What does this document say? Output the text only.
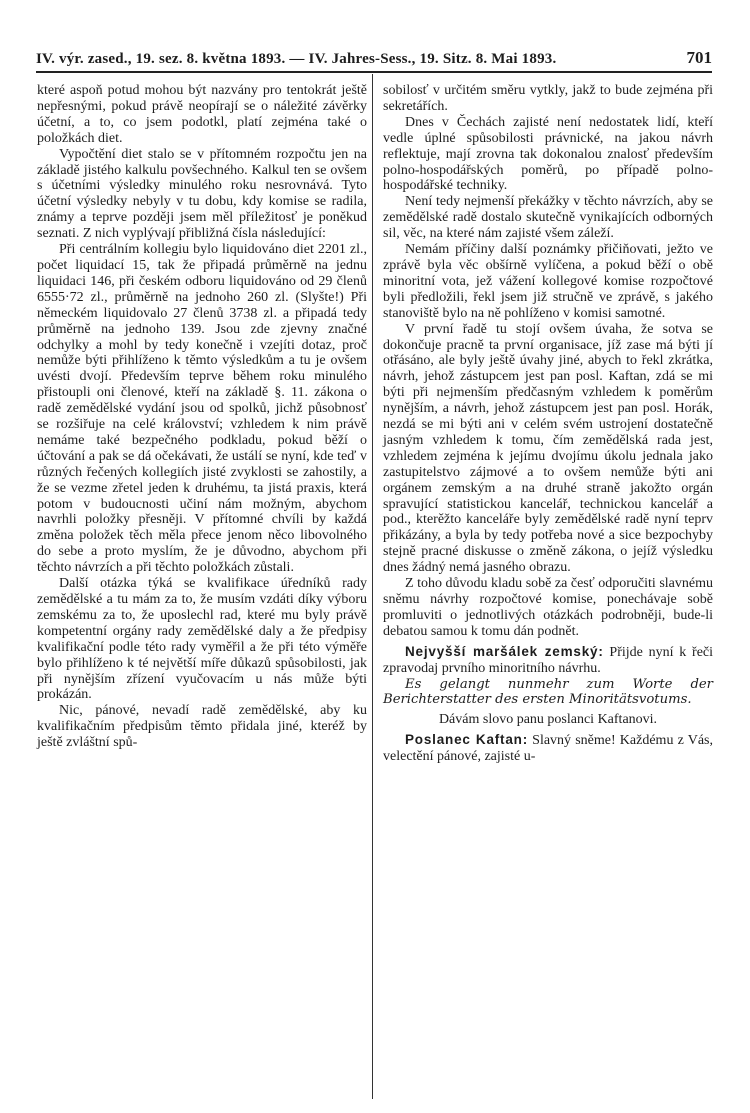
IV. výr. zased., 19. sez. 8. května 1893. — IV. Jahres-Sess., 19. Sitz. 8. Mai 1893.	701

které aspoň potud mohou být nazvány pro tentokrát ještě nepřesnými, pokud právě neopírají se o náležité závěrky účetní, a to, co jsem podotkl, platí zejména také o položkách diet.

Vypočtění diet stalo se v přítomném rozpočtu jen na základě jistého kalkulu povšechného. Kalkul ten se ovšem s účetními výsledky minulého roku nesrovnává. Tyto účetní výsledky nebyly v tu dobu, kdy komise se radila, známy a teprve později jsem měl příležitosť je poněkud seznati. Z nich vyplývají přibližná čísla následující:

Při centrálním kollegiu bylo liquidováno diet 2201 zl., počet liquidací 15, tak že připadá průměrně na jednu liquidaci 146, při českém odboru liquidováno od 29 členů 6555·72 zl., průměrně na jednoho 260 zl. (Slyšte!) Při německém liquidovalo 27 členů 3738 zl. a připadá tedy průměrně na jednoho 139. Jsou zde zjevny značné odchylky a mohl by tedy konečně i vzejíti dotaz, proč nemůže býti přihlíženo k těmto výsledkům a tu je ovšem uvésti dvojí. Především teprve během roku minulého přistoupli oni členové, kteří na základě §. 11. zákona o radě zemědělské vydání jsou od spolků, jichž působnosť se rozšiřuje na celé království; vzhledem k nim právě nemáme také bezpečného podkladu, pokud běží o účtování a pak se dá očekávati, že ustálí se nyní, kde teď v různých řečených kollegiích jisté zvyklosti se zahostily, a že se vezme zřetel jeden k druhému, ta jistá praxis, která potom v budoucnosti učiní nám možným, abychom navrhli položky přesněji. V přítomné chvíli by každá změna položek těch měla přece jenom něco libovolného do sebe a proto myslím, že je důvodno, abychom při těchto návrzích a při těchto položkách zůstali.

Další otázka týká se kvalifikace úředníků rady zemědělské a tu mám za to, že musím vzdáti díky výboru zemskému za to, že uposlechl rad, které mu byly právě kompetentní orgány rady zemědělské daly a že předpisy kvalifikační podle této rady vyměřil a že při této výměře bylo přihlíženo k té největší míře důkazů spůsobilosti, jak při nynějším zřízení vyučovacím u nás může býti prokázán.

Nic, pánové, nevadí radě zemědělské, aby ku kvalifikačním předpisům těmto přidala jiné, kteréž by ještě zvláštní spů-

sobilosť v určitém směru vytkly, jakž to bude zejména při sekretářích.

Dnes v Čechách zajisté není nedostatek lidí, kteří vedle úplné spůsobilosti právnické, na jakou návrh reflektuje, mají zrovna tak dokonalou znalosť především polno-hospodářských poměrů, po případě polno-hospodářské techniky.

Není tedy nejmenší překážky v těchto návrzích, aby se zemědělské radě dostalo skutečně vynikajících odborných sil, věc, na které nám zajisté všem záleží.

Nemám příčiny další poznámky přičiňovati, ježto ve zprávě byla věc obšírně vylíčena, a pokud běží o obě minoritní vota, jež vážení kollegové komise rozpočtové byli předložili, řekl jsem již stručně ve zprávě, s jakého stanoviště bylo na ně pohlíženo v komisi samotné.

V první řadě tu stojí ovšem úvaha, že sotva se dokončuje pracně ta první organisace, jíž zase má býti jí otřásáno, ale byly ještě úvahy jiné, abych to řekl zkrátka, návrh, jehož zástupcem jest pan posl. Kaftan, zdá se mi býti při nejmenším předčasným vzhledem k poměrům nynějším, a návrh, jehož zástupcem jest pan posl. Horák, nezdá se mi býti ani v celém svém ustrojení dostatečně jasným vzhledem k tomu, čím zemědělská rada jest, vzhledem zejména k jejímu dvojímu úkolu jednala jako zastupitelstvo zájmové a to ovšem nemůže býti ani orgánem zemským a na druhé straně jakožto orgán spravující statistickou kancelář, technickou kancelář a pod., kterěžto kanceláře byly zemědělské radě nyní teprv přikázány, a byla by tedy potřeba nové a sice bezpochyby stejně pracné diskusse o změně zákona, o jejíž výsledku dnes žádný nemá jasného obrazu.

Z toho důvodu kladu sobě za česť odporučiti slavnému sněmu návrhy rozpočtové komise, ponechávaje sobě promluviti o jednotlivých otázkách podrobněji, bude-li debatou samou k tomu dán podnět.

Nejvyšší maršálek zemský: Přijde nyní k řeči zpravodaj prvního minoritního návrhu.

Es gelangt nunmehr zum Worte der Berichterstatter des ersten Minoritätsvotums.

Dávám slovo panu poslanci Kaftanovi.

Poslanec Kaftan: Slavný sněme! Každému z Vás, velectění pánové, zajisté u-
